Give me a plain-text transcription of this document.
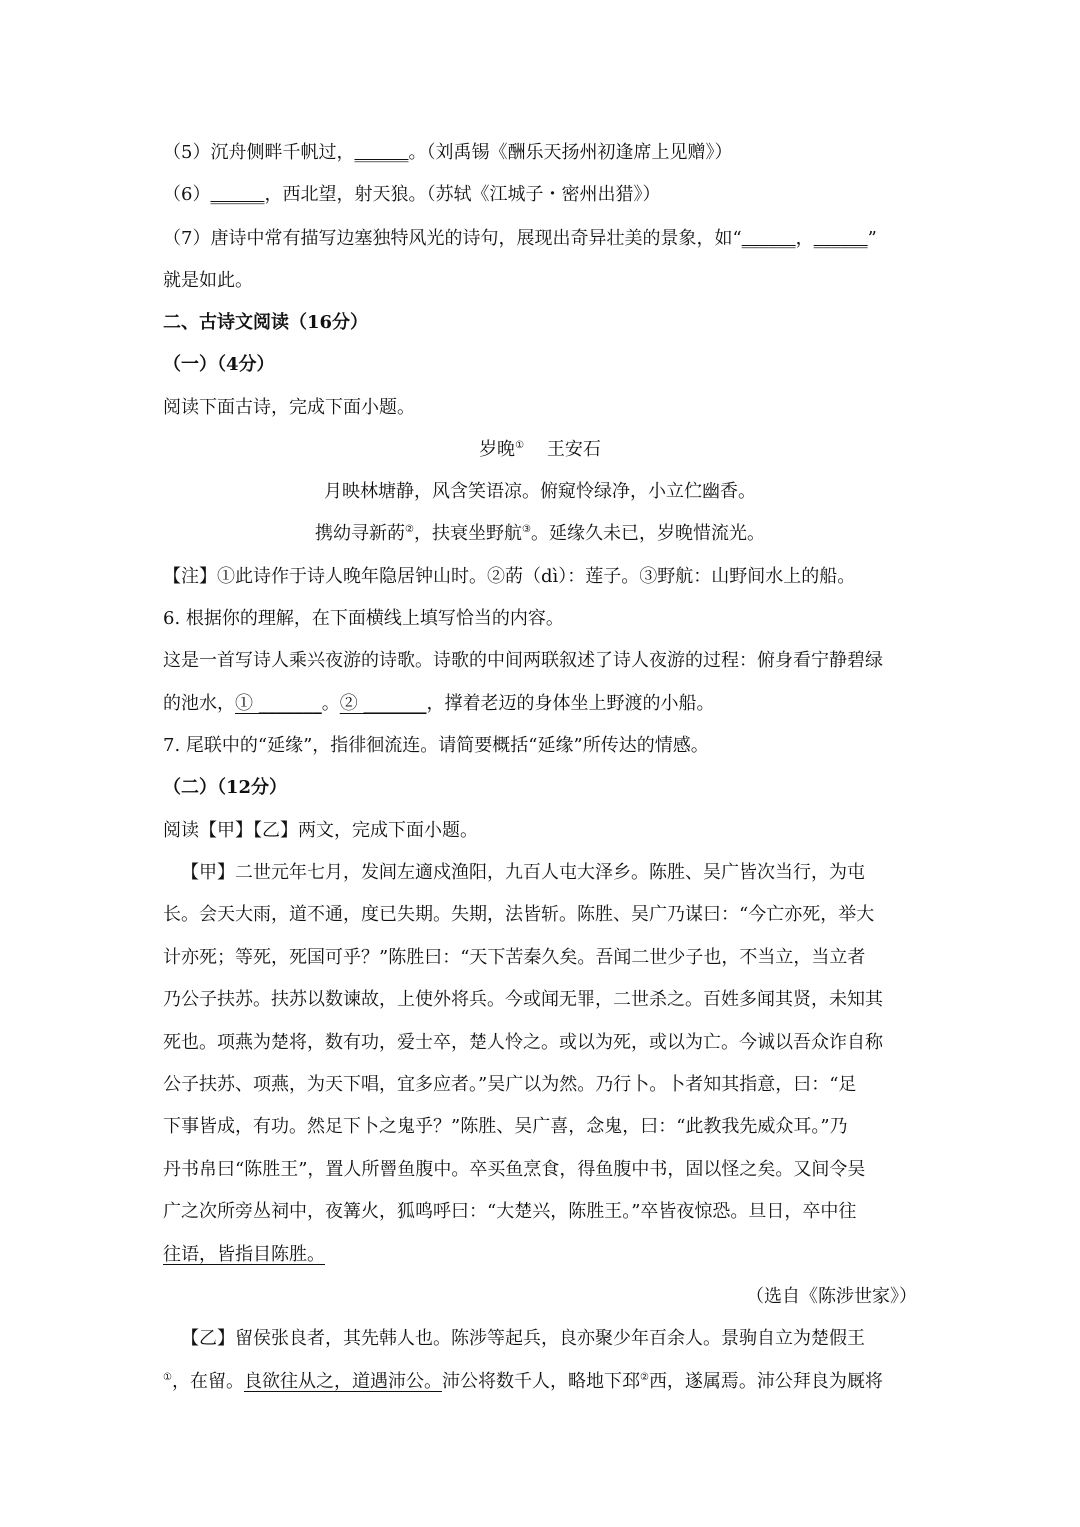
（5）沉舟侧畔千帆过，______。（刘禹锡《酬乐天扬州初逢席上见赠》）
（6）______，西北望，射天狼。（苏轼《江城子・密州出猎》）
（7）唐诗中常有描写边塞独特风光的诗句，展现出奇异壮美的景象，如“______，______”
就是如此。
二、古诗文阅读（16分）
（一）（4分）
阅读下面古诗，完成下面小题。
岁晚① 王安石
月映林塘静，风含笑语凉。俯窥怜绿净，小立伫幽香。
携幼寻新菂②，扶衰坐野航③。延缘久未已，岁晚惜流光。
【注】①此诗作于诗人晚年隐居钟山时。②菂（dì）：莲子。③野航：山野间水上的船。
6. 根据你的理解，在下面横线上填写恰当的内容。
这是一首写诗人乘兴夜游的诗歌。诗歌的中间两联叙述了诗人夜游的过程：俯身看宁静碧绿
的池水，① _______。② _______，撑着老迈的身体坐上野渡的小船。
7. 尾联中的“延缘”，指徘徊流连。请简要概括“延缘”所传达的情感。
（二）（12分）
阅读【甲】【乙】两文，完成下面小题。
【甲】二世元年七月，发闾左適戍渔阳，九百人屯大泽乡。陈胜、吴广皆次当行，为屯
长。会天大雨，道不通，度已失期。失期，法皆斩。陈胜、吴广乃谋曰：“今亡亦死，举大
计亦死；等死，死国可乎？”陈胜曰：“天下苦秦久矣。吾闻二世少子也，不当立，当立者
乃公子扶苏。扶苏以数谏故，上使外将兵。今或闻无罪，二世杀之。百姓多闻其贤，未知其
死也。项燕为楚将，数有功，爱士卒，楚人怜之。或以为死，或以为亡。今诚以吾众诈自称
公子扶苏、项燕，为天下唱，宜多应者。”吴广以为然。乃行卜。卜者知其指意，曰：“足
下事皆成，有功。然足下卜之鬼乎？”陈胜、吴广喜，念鬼，曰：“此教我先威众耳。”乃
丹书帛曰“陈胜王”，置人所罾鱼腹中。卒买鱼烹食，得鱼腹中书，固以怪之矣。又间令吴
广之次所旁丛祠中，夜篝火，狐鸣呼曰：“大楚兴，陈胜王。”卒皆夜惊恐。旦日，卒中往
往语，皆指目陈胜。
（选自《陈涉世家》）
【乙】留侯张良者，其先韩人也。陈涉等起兵，良亦聚少年百余人。景驹自立为楚假王
①，在留。良欲往从之，道遇沛公。沛公将数千人，略地下邳②西，遂属焉。沛公拜良为厩将
